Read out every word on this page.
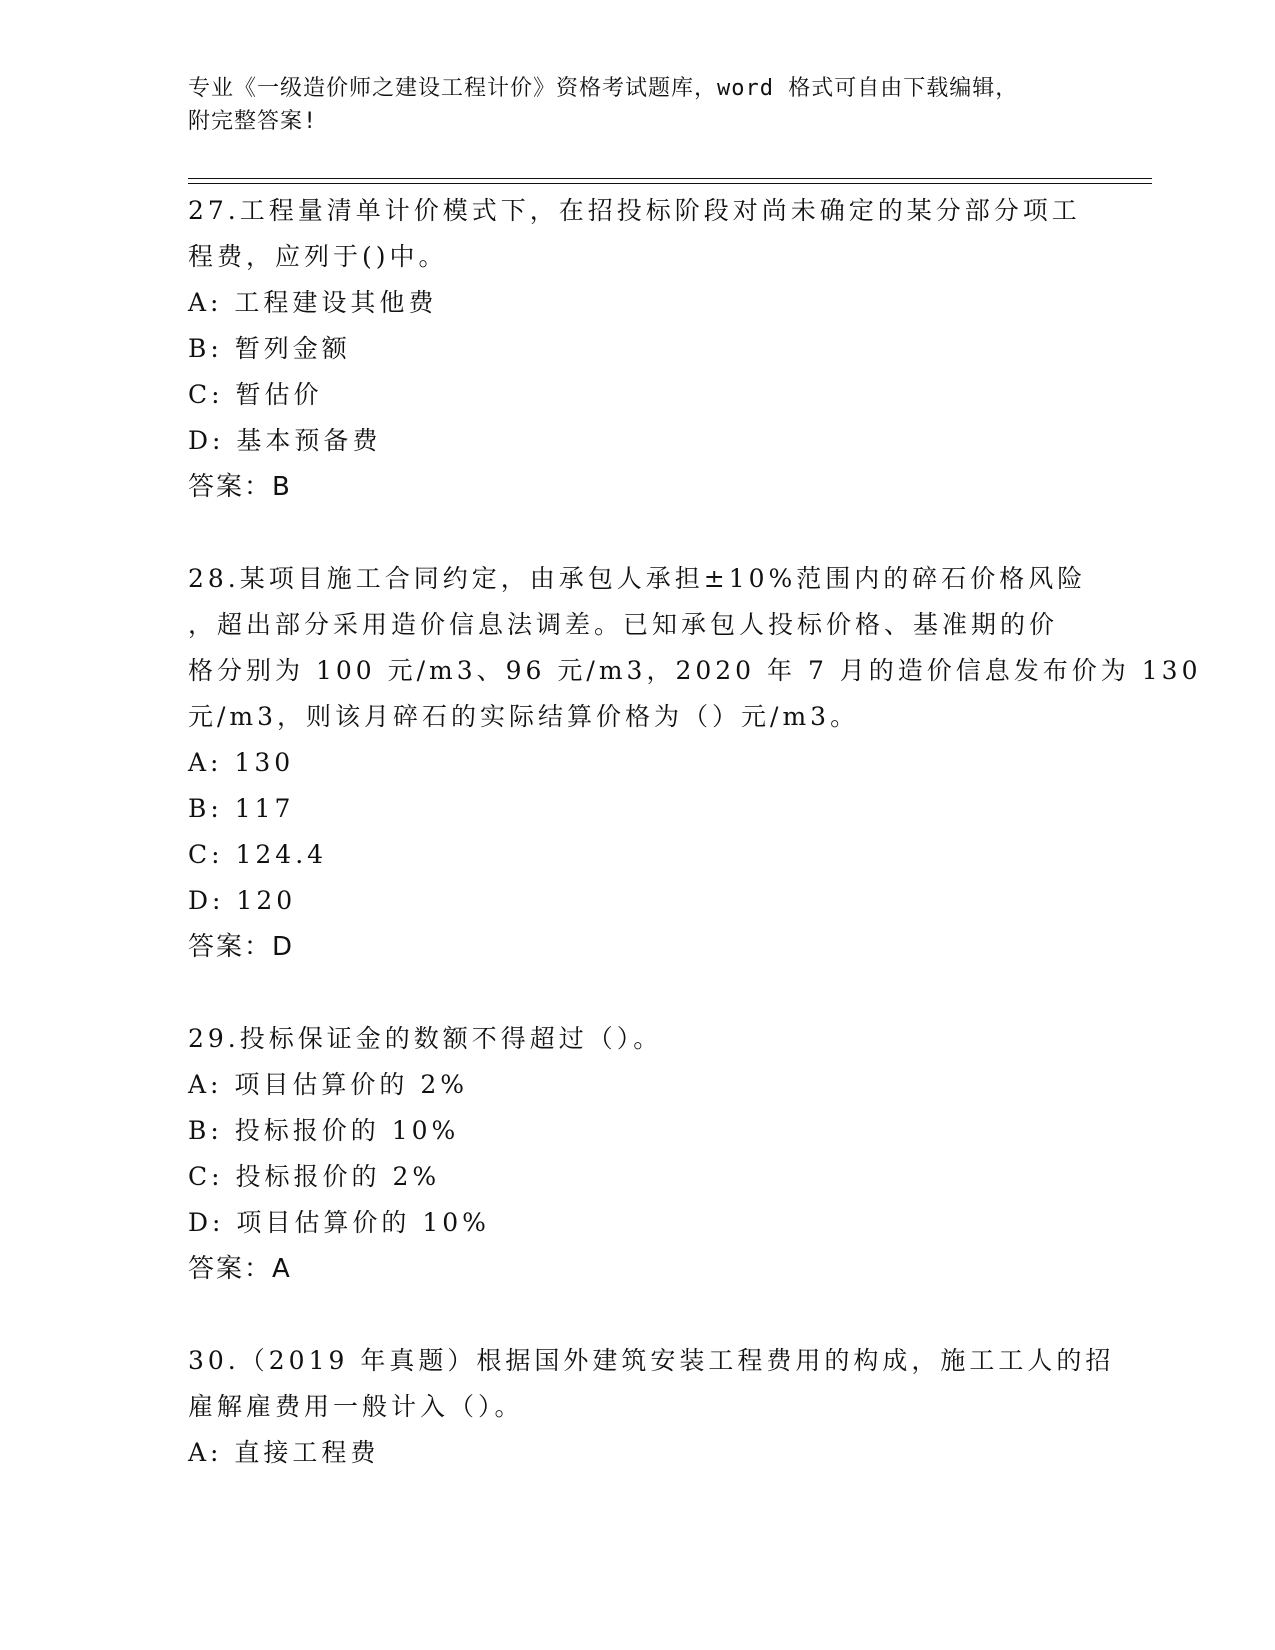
专业《一级造价师之建设工程计价》资格考试题库，word 格式可自由下载编辑，
附完整答案!
27.工程量清单计价模式下，在招投标阶段对尚未确定的某分部分项工
程费，应列于()中。
A: 工程建设其他费
B: 暂列金额
C: 暂估价
D: 基本预备费
答案：B
28.某项目施工合同约定，由承包人承担±10%范围内的碎石价格风险
，超出部分采用造价信息法调差。已知承包人投标价格、基准期的价
格分别为 100 元/m3、96 元/m3，2020 年 7 月的造价信息发布价为 130
元/m3，则该月碎石的实际结算价格为（）元/m3。
A: 130
B: 117
C: 124.4
D: 120
答案：D
29.投标保证金的数额不得超过（）。
A: 项目估算价的 2%
B: 投标报价的 10%
C: 投标报价的 2%
D: 项目估算价的 10%
答案：A
30.（2019 年真题）根据国外建筑安装工程费用的构成，施工工人的招
雇解雇费用一般计入（）。
A: 直接工程费
